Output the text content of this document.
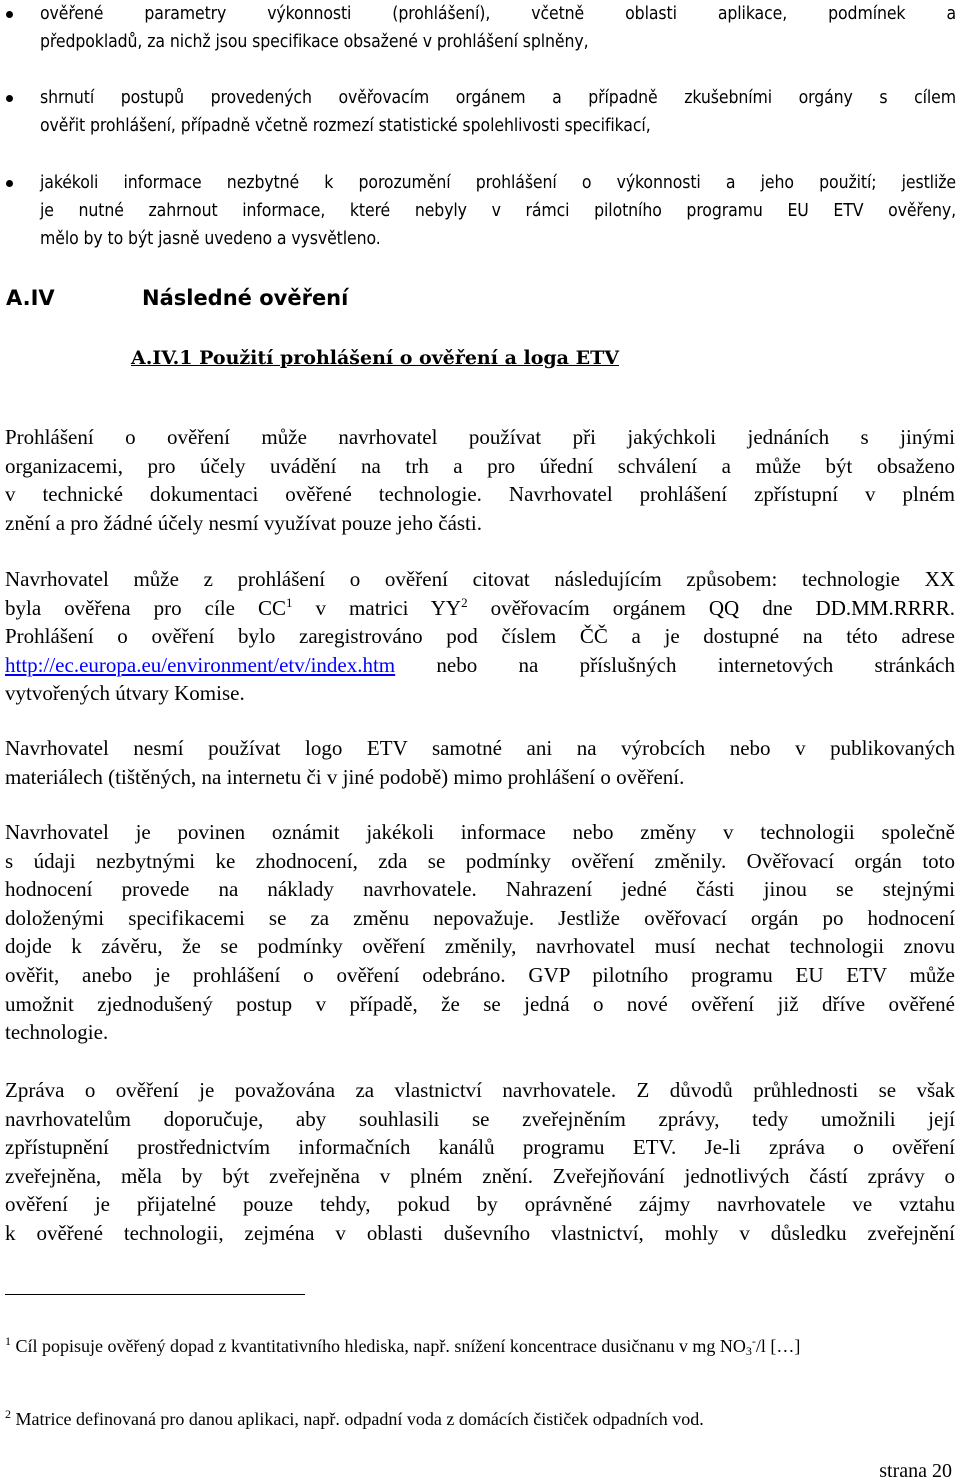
ověřené parametry výkonnosti (prohlášení), včetně oblasti aplikace, podmínek a
předpokladů, za nichž jsou specifikace obsažené v prohlášení splněny,
shrnutí postupů provedených ověřovacím orgánem a případně zkušebními orgány s cílem
ověřit prohlášení, případně včetně rozmezí statistické spolehlivosti specifikací,
jakékoli informace nezbytné k porozumění prohlášení o výkonnosti a jeho použití; jestliže
je nutné zahrnout informace, které nebyly v rámci pilotního programu EU ETV ověřeny,
mělo by to být jasně uvedeno a vysvětleno.
A.IV	Následné ověření
A.IV.1 Použití prohlášení o ověření a loga ETV
Prohlášení o ověření může navrhovatel používat při jakýchkoli jednáních s jinými
organizacemi, pro účely uvádění na trh a pro úřední schválení a může být obsaženo
v technické dokumentaci ověřené technologie. Navrhovatel prohlášení zpřístupní v plném
znění a pro žádné účely nesmí využívat pouze jeho části.
Navrhovatel může z prohlášení o ověření citovat následujícím způsobem: technologie XX
byla ověřena pro cíle $CC^1$ v matrici $YY^2$ ověřovacím orgánem QQ dne DD.MM.RRRR.
Prohlášení o ověření bylo zaregistrováno pod číslem ČČ a je dostupné na této adrese
http://ec.europa.eu/environment/etv/index.htm nebo na příslušných internetových stránkách
vytvořených útvary Komise.
Navrhovatel nesmí používat logo ETV samotné ani na výrobcích nebo v publikovaných
materiálech (tištěných, na internetu či v jiné podobě) mimo prohlášení o ověření.
Navrhovatel je povinen oznámit jakékoli informace nebo změny v technologii společně
s údaji nezbytnými ke zhodnocení, zda se podmínky ověření změnily. Ověřovací orgán toto
hodnocení provede na náklady navrhovatele. Nahrazení jedné části jinou se stejnými
doloženými specifikacemi se za změnu nepovažuje. Jestliže ověřovací orgán po hodnocení
dojde k závěru, že se podmínky ověření změnily, navrhovatel musí nechat technologii znovu
ověřit, anebo je prohlášení o ověření odebráno. GVP pilotního programu EU ETV může
umožnit zjednodušený postup v případě, že se jedná o nové ověření již dříve ověřené
technologie.
Zpráva o ověření je považována za vlastnictví navrhovatele. Z důvodů průhlednosti se však
navrhovatelům doporučuje, aby souhlasili se zveřejněním zprávy, tedy umožnili její
zpřístupnění prostřednictvím informačních kanálů programu ETV. Je-li zpráva o ověření
zveřejněna, měla by být zveřejněna v plném znění. Zveřejňování jednotlivých částí zprávy o
ověření je přijatelné pouze tehdy, pokud by oprávněné zájmy navrhovatele ve vztahu
k ověřené technologii, zejména v oblasti duševního vlastnictví, mohly v důsledku zveřejnění
$^1$ Cíl popisuje ověřený dopad z kvantitativního hlediska, např. snížení koncentrace dusičnanu v mg $NO_3^-/l$ […]
$^2$ Matrice definovaná pro danou aplikaci, např. odpadní voda z domácích čističek odpadních vod.
strana 20
